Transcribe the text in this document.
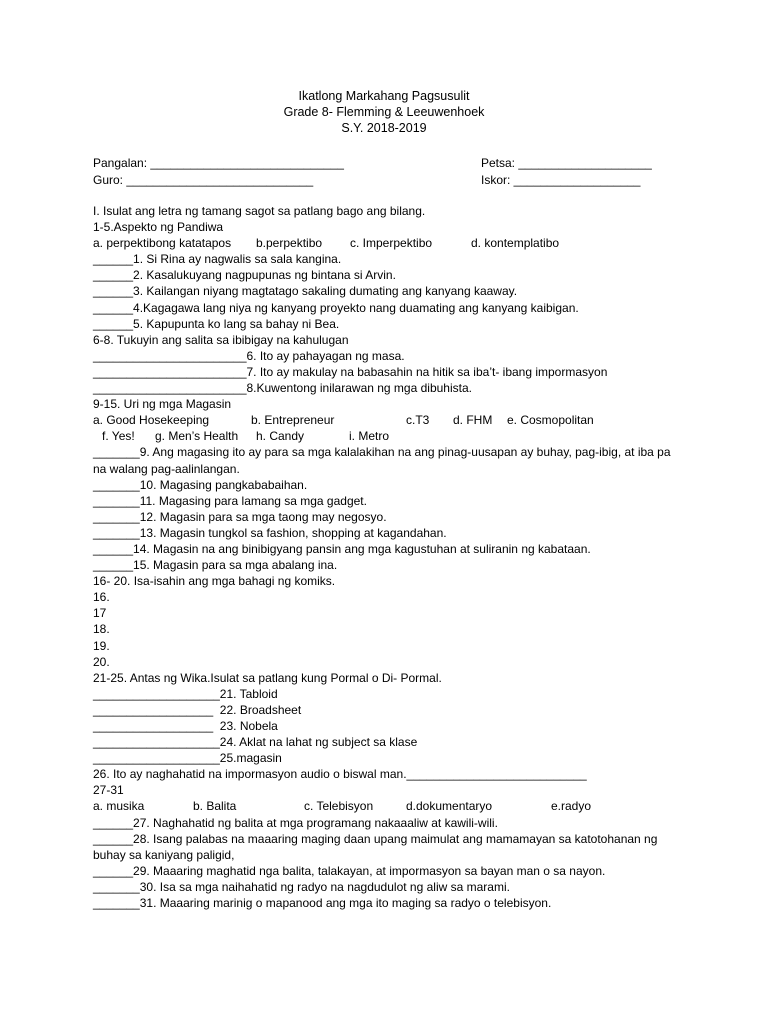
Ikatlong Markahang Pagsusulit
Grade 8- Flemming & Leeuwenhoek
S.Y. 2018-2019
Pangalan: _____________________________	Petsa: ____________________
Guro: ____________________________	Iskor: ___________________
I. Isulat ang letra ng tamang sagot sa patlang bago ang bilang.
1-5.Aspekto ng Pandiwa
a. perpektibong katatapos b.perpektibo c. Imperpektibo	d. kontemplatibo
______1. Si Rina ay nagwalis sa sala kangina.
______2. Kasalukuyang nagpupunas ng bintana si Arvin.
______3. Kailangan niyang magtatago sakaling dumating ang kanyang kaaway.
______4.Kagagawa lang niya ng kanyang proyekto nang duamating ang kanyang kaibigan.
______5. Kapupunta ko lang sa bahay ni Bea.
6-8. Tukuyin ang salita sa ibibigay na kahulugan
_______________________6. Ito ay pahayagan ng masa.
_______________________7. Ito ay makulay na babasahin na hitik sa iba’t- ibang impormasyon
_______________________8.Kuwentong inilarawan ng mga dibuhista.
9-15. Uri ng mga Magasin
a. Good Hosekeeping	b. Entrepreneur	c.T3 d. FHM e. Cosmopolitan
f. Yes! g. Men’s Health h. Candy	i. Metro
_______9. Ang magasing ito ay para sa mga kalalakihan na ang pinag-uusapan ay buhay, pag-ibig, at iba pa na walang pag-aalinlangan.
_______10. Magasing pangkababaihan.
_______11. Magasing para lamang sa mga gadget.
_______12. Magasin para sa mga taong may negosyo.
_______13. Magasin tungkol sa fashion, shopping at kagandahan.
______14. Magasin na ang binibigyang pansin ang mga kagustuhan at suliranin ng kabataan.
______15. Magasin para sa mga abalang ina.
16- 20. Isa-isahin ang mga bahagi ng komiks.
16.
17
18.
19.
20.
21-25. Antas ng Wika.Isulat sa patlang kung Pormal o Di- Pormal.
___________________21. Tabloid
__________________  22. Broadsheet
__________________  23. Nobela
___________________24. Aklat na lahat ng subject sa klase
___________________25.magasin
26. Ito ay naghahatid na impormasyon audio o biswal man.___________________________
27-31
a. musika	b. Balita	c. Telebisyon	d.dokumentaryo	e.radyo
______27. Naghahatid ng balita at mga programang nakaaaliw at kawili-wili.
______28. Isang palabas na maaaring maging daan upang maimulat ang mamamayan sa katotohanan ng buhay sa kaniyang paligid,
______29. Maaaring maghatid nga balita, talakayan, at impormasyon sa bayan man o sa nayon.
_______30. Isa sa mga naihahatid ng radyo na nagdudulot ng aliw sa marami.
_______31. Maaaring marinig o mapanood ang mga ito maging sa radyo o telebisyon.
